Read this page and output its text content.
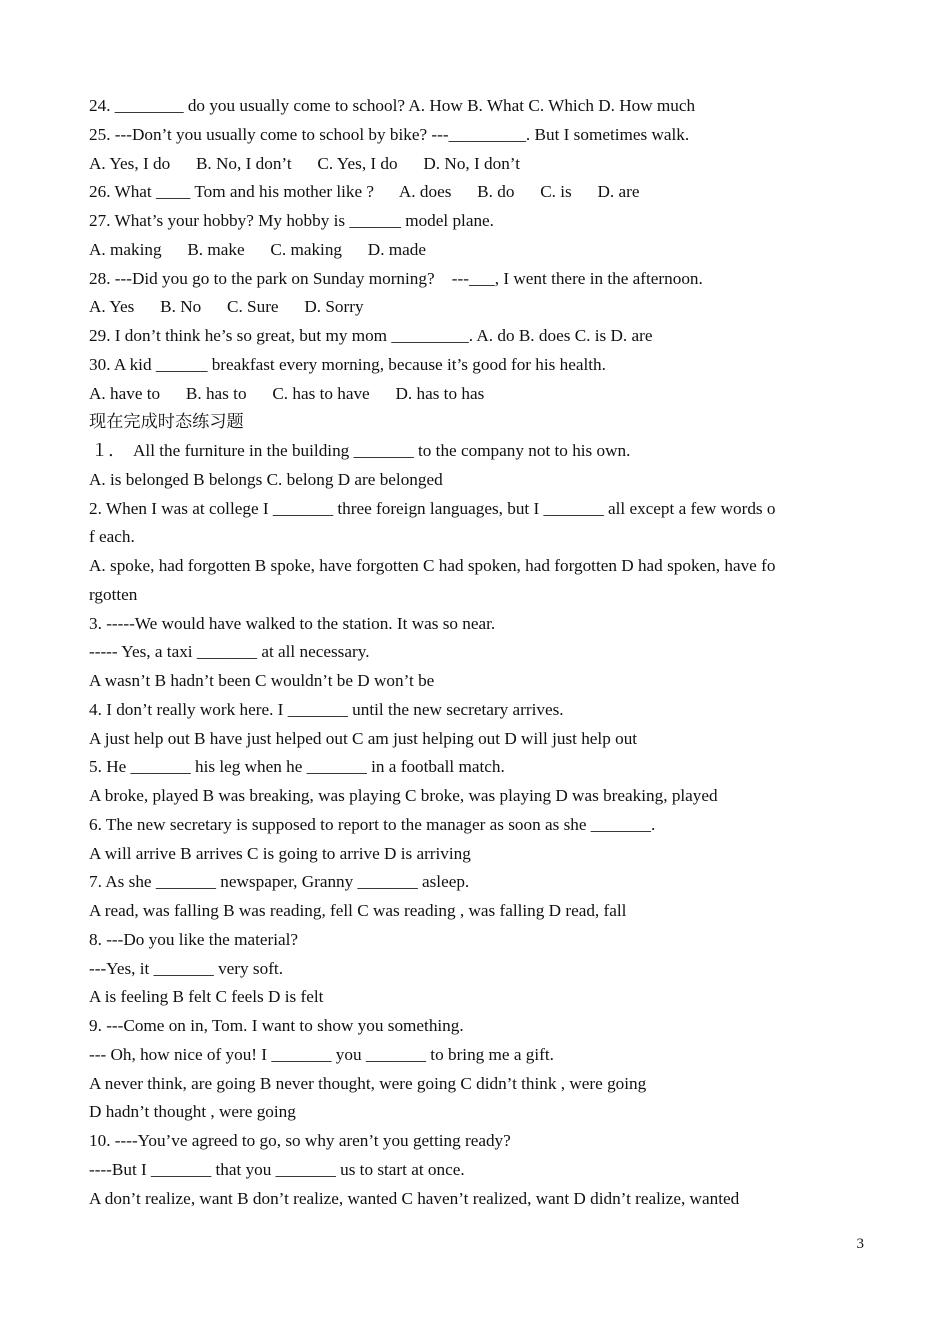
24. ________ do you usually come to school? A. How B. What C. Which D. How much
25. ---Don’t you usually come to school by bike? ---_________. But I sometimes walk.
A. Yes, I do      B. No, I don’t      C. Yes, I do      D. No, I don’t
26. What ____ Tom and his mother like ?      A. does      B. do      C. is      D. are
27. What’s your hobby? My hobby is ______ model plane.
A. making      B. make      C. making      D. made
28. ---Did you go to the park on Sunday morning?    ---___, I went there in the afternoon.
A. Yes      B. No      C. Sure      D. Sorry
29. I don’t think he’s so great, but my mom _________. A. do B. does C. is D. are
30. A kid ______ breakfast every morning, because it’s good for his health.
A. have to      B. has to      C. has to have      D. has to has
现在完成时态练习题
１．  All the furniture in the building _______ to the company not to his own.
A. is belonged B belongs C. belong D are belonged
2. When I was at college I _______ three foreign languages, but I _______ all except a few words o
f each.
A. spoke, had forgotten B spoke, have forgotten C had spoken, had forgotten D had spoken, have fo
rgotten
3. -----We would have walked to the station. It was so near.
----- Yes, a taxi _______ at all necessary.
A wasn’t B hadn’t been C wouldn’t be D won’t be
4. I don’t really work here. I _______ until the new secretary arrives.
A just help out B have just helped out C am just helping out D will just help out
5. He _______ his leg when he _______ in a football match.
A broke, played B was breaking, was playing C broke, was playing D was breaking, played
6. The new secretary is supposed to report to the manager as soon as she _______.
A will arrive B arrives C is going to arrive D is arriving
7. As she _______ newspaper, Granny _______ asleep.
A read, was falling B was reading, fell C was reading , was falling D read, fall
8. ---Do you like the material?
---Yes, it _______ very soft.
A is feeling B felt C feels D is felt
9. ---Come on in, Tom. I want to show you something.
--- Oh, how nice of you! I _______ you _______ to bring me a gift.
A never think, are going B never thought, were going C didn’t think , were going
D hadn’t thought , were going
10. ----You’ve agreed to go, so why aren’t you getting ready?
----But I _______ that you _______ us to start at once.
A don’t realize, want B don’t realize, wanted C haven’t realized, want D didn’t realize, wanted
3
